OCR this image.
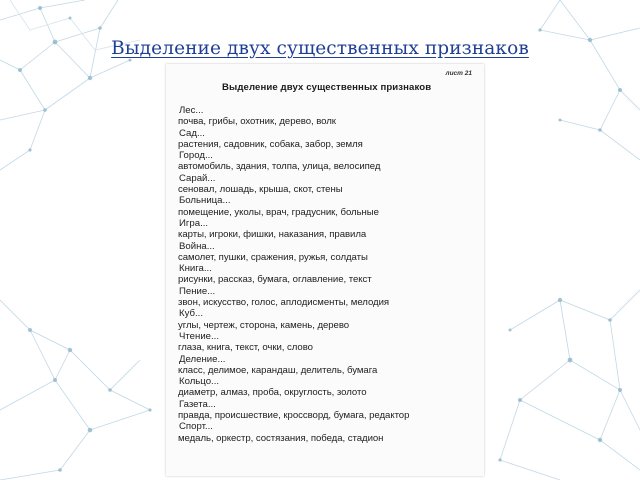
Выделение двух существенных признаков
лист 21
Выделение двух существенных признаков
Лес...
почва, грибы, охотник, дерево, волк
Сад...
растения, садовник, собака, забор, земля
Город...
автомобиль, здания, толпа, улица, велосипед
Сарай...
сеновал, лошадь, крыша, скот, стены
Больница...
помещение, уколы, врач, градусник, больные
Игра...
карты, игроки, фишки, наказания, правила
Война...
самолет, пушки, сражения, ружья, солдаты
Книга...
рисунки, рассказ, бумага, оглавление, текст
Пение...
звон, искусство, голос, аплодисменты, мелодия
Куб...
углы, чертеж, сторона, камень, дерево
Чтение...
глаза, книга, текст, очки, слово
Деление...
класс, делимое, карандаш, делитель, бумага
Кольцо...
диаметр, алмаз, проба, округлость, золото
Газета...
правда, происшествие, кроссворд, бумага, редактор
Спорт...
медаль, оркестр, состязания, победа, стадион
